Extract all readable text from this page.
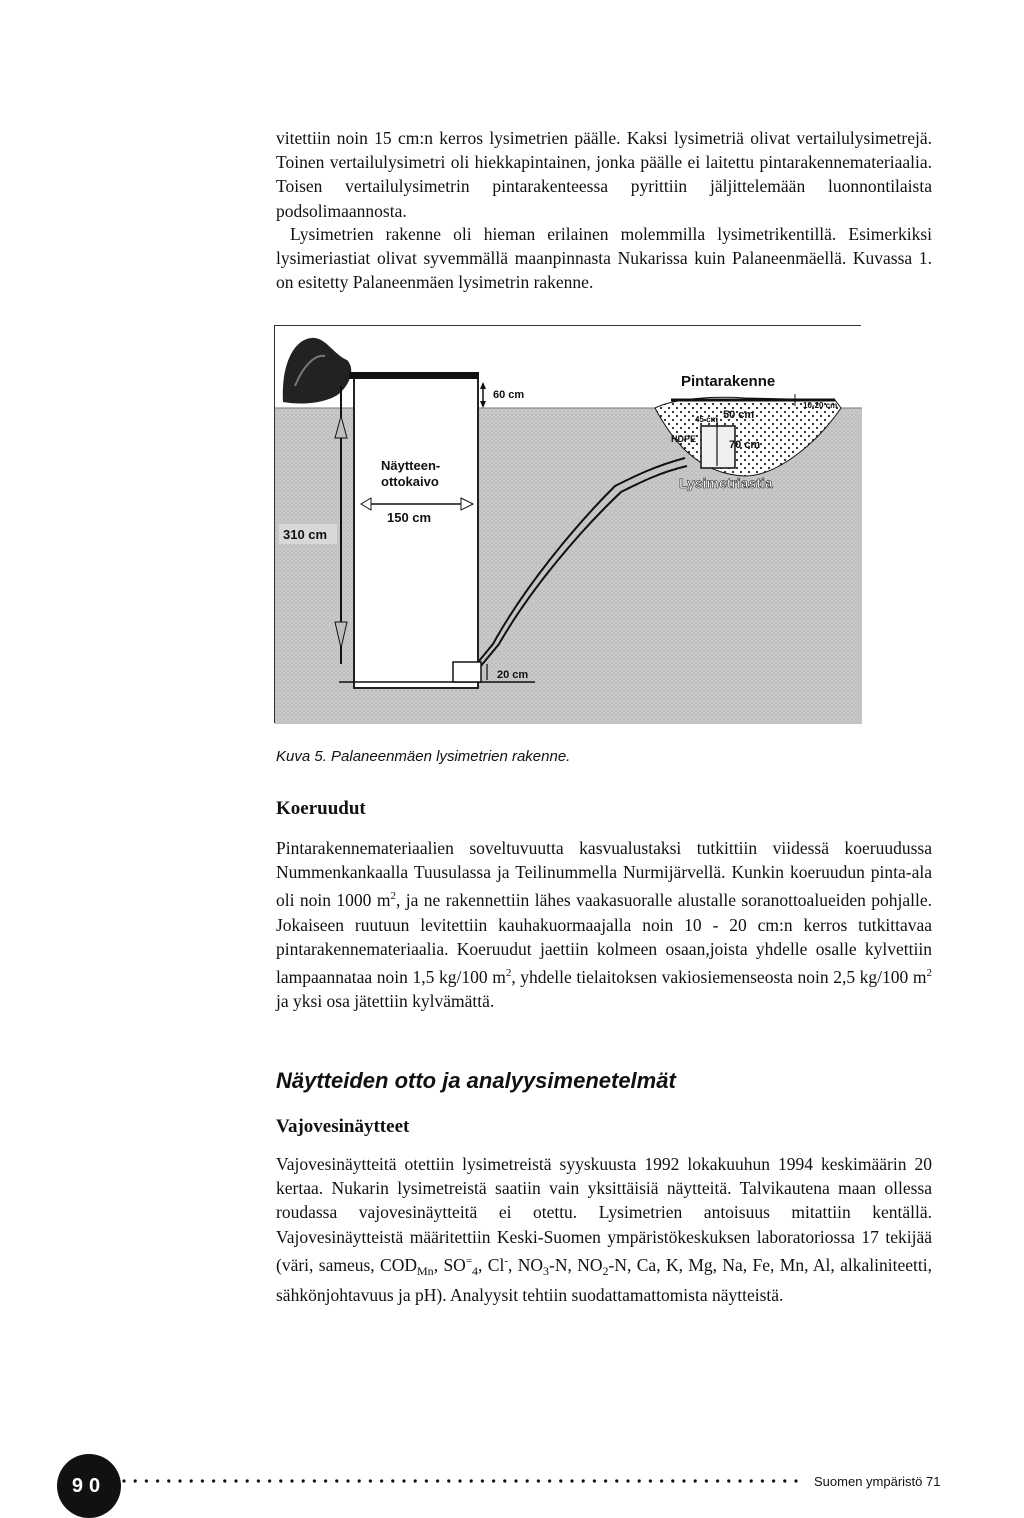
vitettiin noin 15 cm:n kerros lysimetrien päälle. Kaksi lysimetriä olivat vertailulysimetrejä. Toinen vertailulysimetri oli hiekkapintainen, jonka päälle ei laitettu pintarakennemateriaalia. Toisen vertailulysimetrin pintarakenteessa pyrittiin jäljittelemään luonnontilaista podsolimaannosta.
Lysimetrien rakenne oli hieman erilainen molemmilla lysimetrikentillä. Esimerkiksi lysimeriastiat olivat syvemmällä maanpinnasta Nukarissa kuin Palaneenmäellä. Kuvassa 1. on esitetty Palaneenmäen lysimetrin rakenne.
60 cm
310 cm
150 cm
Näytteen-
ottokaivo
20 cm
10-20 cm
Pintarakenne
45 cm 50 cm
70 cm
HDPE
Lysimetriastia
Kuva 5. Palaneenmäen lysimetrien rakenne.
Koeruudut
Pintarakennemateriaalien soveltuvuutta kasvualustaksi tutkittiin viidessä koeruudussa Nummenkankaalla Tuusulassa ja Teilinummella Nurmijärvellä. Kunkin koeruudun pinta-ala oli noin 1000 $m^2$, ja ne rakennettiin lähes vaakasuoralle alustalle soranottoalueiden pohjalle. Jokaiseen ruutuun levitettiin kauhakuormaajalla noin 10 - 20 cm:n kerros tutkittavaa pintarakennemateriaalia. Koeruudut jaettiin kolmeen osaan,joista yhdelle osalle kylvettiin lampaannataa noin 1,5 kg/100 $m^2$, yhdelle tielaitoksen vakiosiemenseosta noin 2,5 kg/100 $m^2$ ja yksi osa jätettiin kylvämättä.
Näytteiden otto ja analyysimenetelmät
Vajovesinäytteet
Vajovesinäytteitä otettiin lysimetreistä syyskuusta 1992 lokakuuhun 1994 keskimäärin 20 kertaa. Nukarin lysimetreistä saatiin vain yksittäisiä näytteitä. Talvikautena maan ollessa roudassa vajovesinäytteitä ei otettu. Lysimetrien antoisuus mitattiin kentällä. Vajovesinäytteistä määritettiin Keski-Suomen ympäristökeskuksen laboratoriossa 17 tekijää (väri, sameus, $COD_{Mn}$, $SO^=_4$, Cl-, $NO_3-N$, $NO_2-N$, Ca, K, Mg, Na, Fe, Mn, Al, alkaliniteetti, sähkönjohtavuus ja pH). Analyysit tehtiin suodattamattomista näytteistä.
90	Suomen ympäristö 71
